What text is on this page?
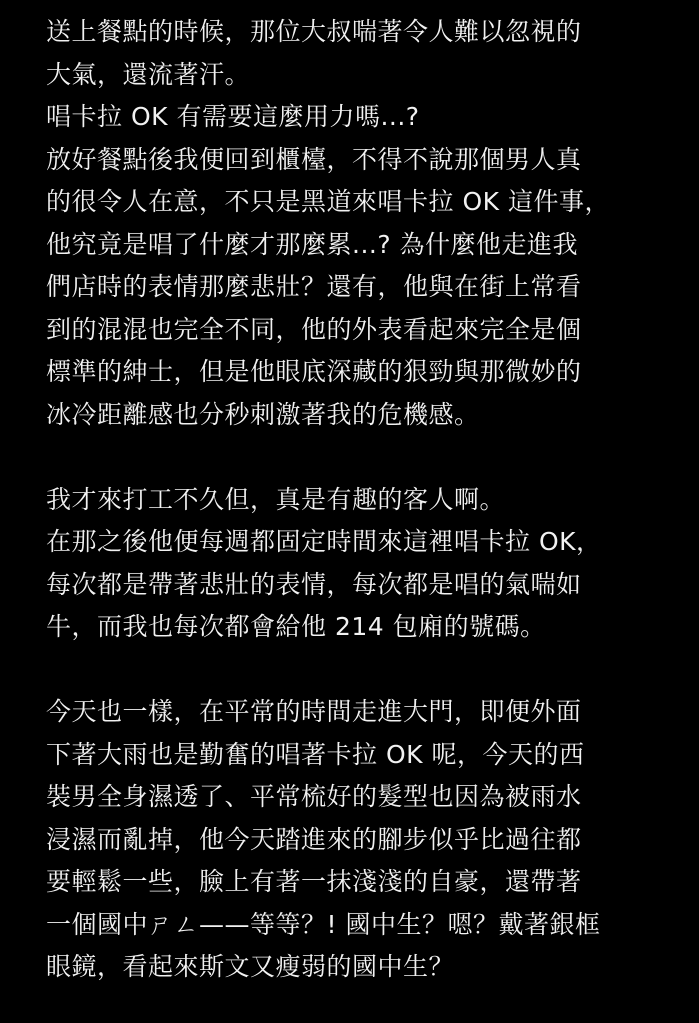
送上餐點的時候，那位大叔喘著令人難以忽視的
大氣，還流著汗。
唱卡拉 OK 有需要這麼用力嗎...?
放好餐點後我便回到櫃檯，不得不說那個男人真
的很令人在意，不只是黑道來唱卡拉 OK 這件事，
他究竟是唱了什麼才那麼累...? 為什麼他走進我
們店時的表情那麼悲壯？還有，他與在街上常看
到的混混也完全不同，他的外表看起來完全是個
標準的紳士，但是他眼底深藏的狠勁與那微妙的
冰冷距離感也分秒刺激著我的危機感。
我才來打工不久但，真是有趣的客人啊。
在那之後他便每週都固定時間來這裡唱卡拉 OK，
每次都是帶著悲壯的表情，每次都是唱的氣喘如
牛，而我也每次都會給他 214 包廂的號碼。
今天也一樣，在平常的時間走進大門，即便外面
下著大雨也是勤奮的唱著卡拉 OK 呢，今天的西
裝男全身濕透了、平常梳好的髮型也因為被雨水
浸濕而亂掉，他今天踏進來的腳步似乎比過往都
要輕鬆一些，臉上有著一抹淺淺的自豪，還帶著
一個國中ㄕㄥ——等等？! 國中生？嗯？戴著銀框
眼鏡，看起來斯文又瘦弱的國中生？
